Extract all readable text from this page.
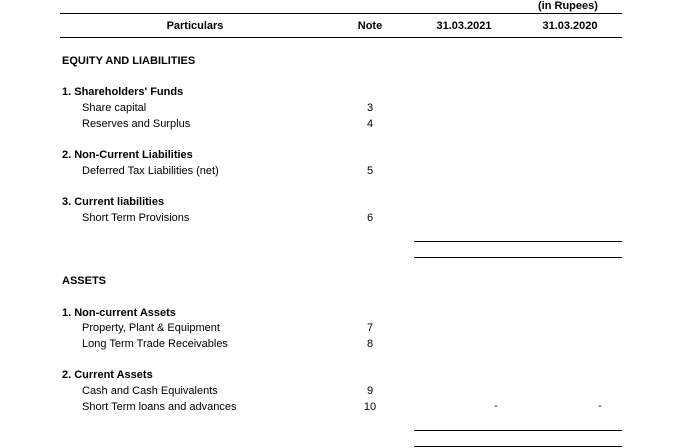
(in Rupees)
Particulars	Note	31.03.2021	31.03.2020
EQUITY AND LIABILITIES
1. Shareholders' Funds
Share capital	3
Reserves and Surplus	4
2. Non-Current Liabilities
Deferred Tax Liabilities (net)	5
3. Current liabilities
Short Term Provisions	6
ASSETS
1. Non-current Assets
Property, Plant & Equipment	7
Long Term Trade Receivables	8
2. Current Assets
Cash and Cash Equivalents	9
Short Term loans and advances	10	-	-
